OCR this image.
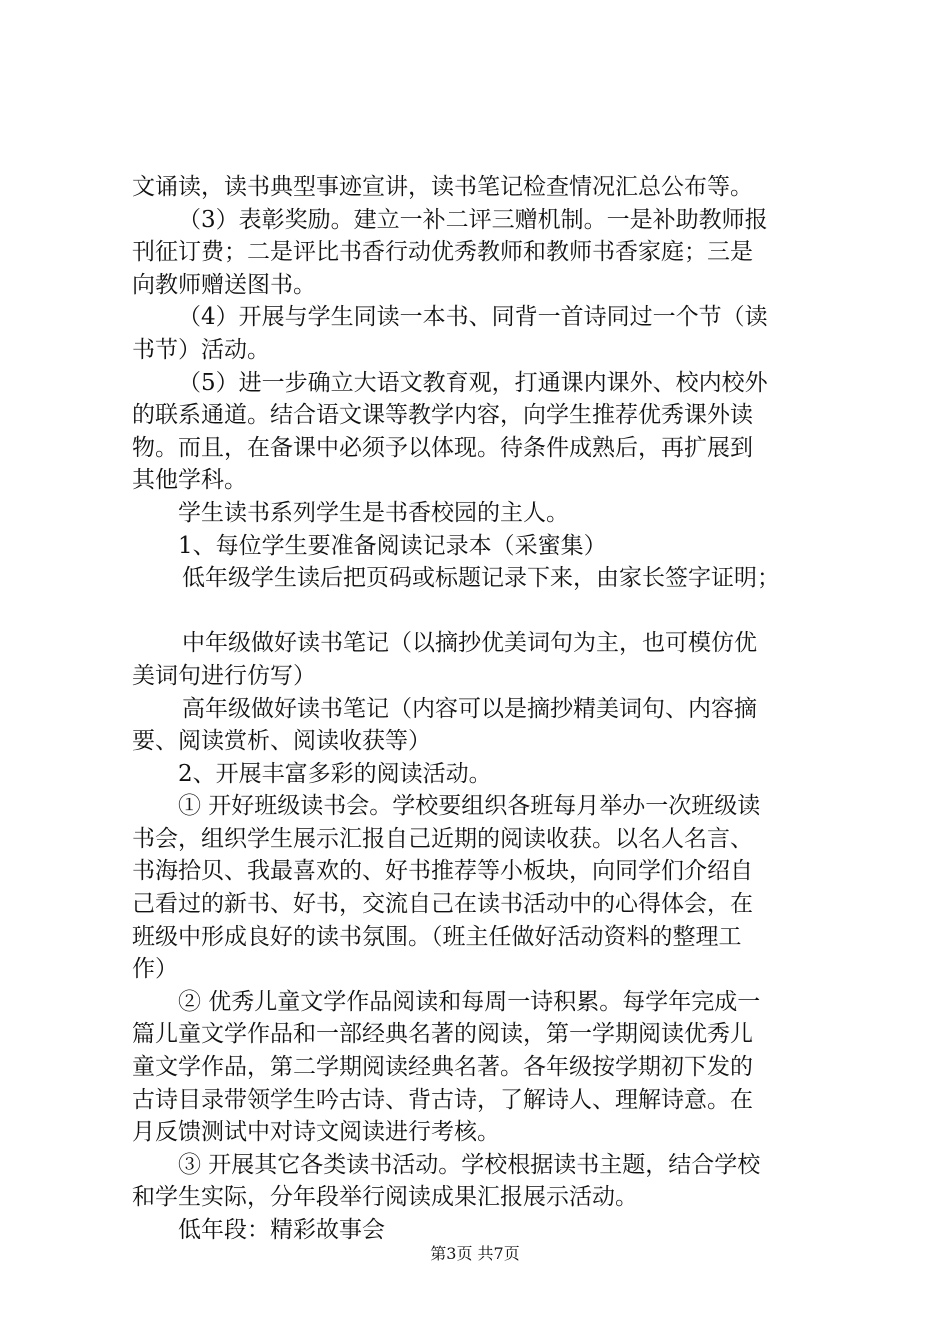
文诵读，读书典型事迹宣讲，读书笔记检查情况汇总公布等。
（3）表彰奖励。建立一补二评三赠机制。一是补助教师报
刊征订费；二是评比书香行动优秀教师和教师书香家庭；三是
向教师赠送图书。
（4）开展与学生同读一本书、同背一首诗同过一个节（读
书节）活动。
（5）进一步确立大语文教育观，打通课内课外、校内校外
的联系通道。结合语文课等教学内容，向学生推荐优秀课外读
物。而且，在备课中必须予以体现。待条件成熟后，再扩展到
其他学科。
学生读书系列学生是书香校园的主人。
1、每位学生要准备阅读记录本（采蜜集）
低年级学生读后把页码或标题记录下来，由家长签字证明；
中年级做好读书笔记（以摘抄优美词句为主，也可模仿优
美词句进行仿写）
高年级做好读书笔记（内容可以是摘抄精美词句、内容摘
要、阅读赏析、阅读收获等）
2、开展丰富多彩的阅读活动。
① 开好班级读书会。学校要组织各班每月举办一次班级读
书会，组织学生展示汇报自己近期的阅读收获。以名人名言、
书海拾贝、我最喜欢的、好书推荐等小板块，向同学们介绍自
己看过的新书、好书，交流自己在读书活动中的心得体会，在
班级中形成良好的读书氛围。（班主任做好活动资料的整理工
作）
② 优秀儿童文学作品阅读和每周一诗积累。每学年完成一
篇儿童文学作品和一部经典名著的阅读，第一学期阅读优秀儿
童文学作品，第二学期阅读经典名著。各年级按学期初下发的
古诗目录带领学生吟古诗、背古诗，了解诗人、理解诗意。在
月反馈测试中对诗文阅读进行考核。
③ 开展其它各类读书活动。学校根据读书主题，结合学校
和学生实际，分年段举行阅读成果汇报展示活动。
低年段：精彩故事会
第3页 共7页
